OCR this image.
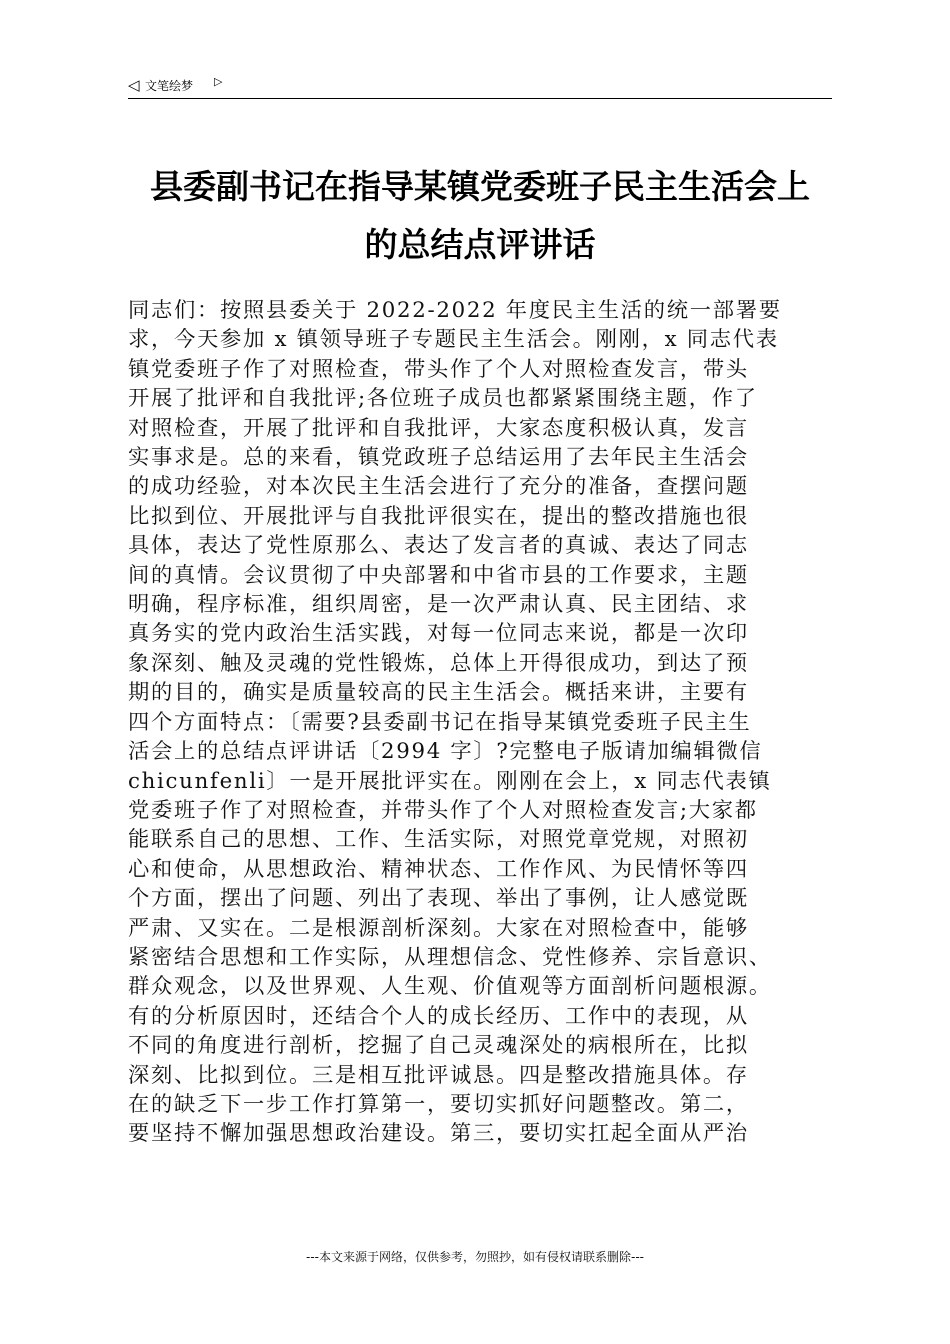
◁ 文笔绘梦 ▷
县委副书记在指导某镇党委班子民主生活会上
的总结点评讲话
同志们：按照县委关于 2022-2022 年度民主生活的统一部署要
求，今天参加 x 镇领导班子专题民主生活会。刚刚，x 同志代表
镇党委班子作了对照检查，带头作了个人对照检查发言，带头
开展了批评和自我批评;各位班子成员也都紧紧围绕主题，作了
对照检查，开展了批评和自我批评，大家态度积极认真，发言
实事求是。总的来看，镇党政班子总结运用了去年民主生活会
的成功经验，对本次民主生活会进行了充分的准备，查摆问题
比拟到位、开展批评与自我批评很实在，提出的整改措施也很
具体，表达了党性原那么、表达了发言者的真诚、表达了同志
间的真情。会议贯彻了中央部署和中省市县的工作要求，主题
明确，程序标准，组织周密，是一次严肃认真、民主团结、求
真务实的党内政治生活实践，对每一位同志来说，都是一次印
象深刻、触及灵魂的党性锻炼，总体上开得很成功，到达了预
期的目的，确实是质量较高的民主生活会。概括来讲，主要有
四个方面特点：〔需要?县委副书记在指导某镇党委班子民主生
活会上的总结点评讲话〔2994 字〕?完整电子版请加编辑微信
chicunfenli〕一是开展批评实在。刚刚在会上，x 同志代表镇
党委班子作了对照检查，并带头作了个人对照检查发言;大家都
能联系自己的思想、工作、生活实际，对照党章党规，对照初
心和使命，从思想政治、精神状态、工作作风、为民情怀等四
个方面，摆出了问题、列出了表现、举出了事例，让人感觉既
严肃、又实在。二是根源剖析深刻。大家在对照检查中，能够
紧密结合思想和工作实际，从理想信念、党性修养、宗旨意识、
群众观念，以及世界观、人生观、价值观等方面剖析问题根源。
有的分析原因时，还结合个人的成长经历、工作中的表现，从
不同的角度进行剖析，挖掘了自己灵魂深处的病根所在，比拟
深刻、比拟到位。三是相互批评诚恳。四是整改措施具体。存
在的缺乏下一步工作打算第一，要切实抓好问题整改。第二，
要坚持不懈加强思想政治建设。第三，要切实扛起全面从严治
---本文来源于网络，仅供参考，勿照抄，如有侵权请联系删除---
